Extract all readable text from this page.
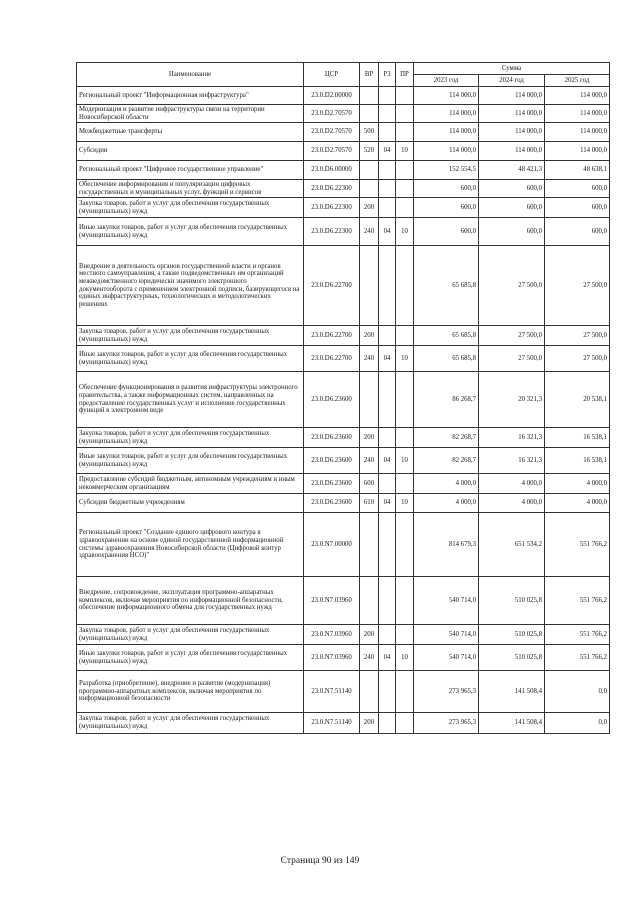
Наименование	ЦСР	ВР	РЗ	ПР	Сумма		
					2023 год	2024 год	2025 год
Региональный проект "Информационная инфраструктура"	23.0.D2.00000				114 000,0	114 000,0	114 000,0
Модернизация и развитие инфраструктуры связи на территории Новосибирской области	23.0.D2.70570				114 000,0	114 000,0	114 000,0
Межбюджетные трансферты	23.0.D2.70570	500			114 000,0	114 000,0	114 000,0
Субсидии	23.0.D2.70570	520	04	10	114 000,0	114 000,0	114 000,0
Региональный проект "Цифровое государственное управление"	23.0.D6.00000				152 554,5	48 421,3	48 638,1
Обеспечение информирования и популяризации цифровых государственных и муниципальных услуг, функций и сервисов	23.0.D6.22300				600,0	600,0	600,0
Закупка товаров, работ и услуг для обеспечения государственных (муниципальных) нужд	23.0.D6.22300	200			600,0	600,0	600,0
Иные закупки товаров, работ и услуг для обеспечения государственных (муниципальных) нужд	23.0.D6.22300	240	04	10	600,0	600,0	600,0
Внедрение в деятельность органов государственной власти и органов местного самоуправления, а также подведомственных им организаций межведомственного юридически значимого электронного документооборота с применением электронной подписи, базирующегося на единых инфраструктурных, технологических и методологических решениях	23.0.D6.22700				65 685,8	27 500,0	27 500,0
Закупка товаров, работ и услуг для обеспечения государственных (муниципальных) нужд	23.0.D6.22700	200			65 685,8	27 500,0	27 500,0
Иные закупки товаров, работ и услуг для обеспечения государственных (муниципальных) нужд	23.0.D6.22700	240	04	10	65 685,8	27 500,0	27 500,0
Обеспечение функционирования и развития инфраструктуры электронного правительства, а также информационных систем, направленных на предоставление государственных услуг и исполнение государственных функций в электронном виде	23.0.D6.23600				86 268,7	20 321,3	20 538,1
Закупка товаров, работ и услуг для обеспечения государственных (муниципальных) нужд	23.0.D6.23600	200			82 268,7	16 321,3	16 538,1
Иные закупки товаров, работ и услуг для обеспечения государственных (муниципальных) нужд	23.0.D6.23600	240	04	10	82 268,7	16 321,3	16 538,1
Предоставление субсидий бюджетным, автономным учреждениям и иным некоммерческим организациям	23.0.D6.23600	600			4 000,0	4 000,0	4 000,0
Субсидии бюджетным учреждениям	23.0.D6.23600	610	04	10	4 000,0	4 000,0	4 000,0
Региональный проект "Создание единого цифрового контура в здравоохранении на основе единой государственной информационной системы здравоохранения Новосибирской области (Цифровой контур здравоохранения НСО)"	23.0.N7.00000				814 679,3	651 534,2	551 766,2
Внедрение, сопровождение, эксплуатация программно-аппаратных комплексов, включая мероприятия по информационной безопасности, обеспечение информационного обмена для государственных нужд	23.0.N7.03960				540 714,0	510 025,8	551 766,2
Закупка товаров, работ и услуг для обеспечения государственных (муниципальных) нужд	23.0.N7.03960	200			540 714,0	510 025,8	551 766,2
Иные закупки товаров, работ и услуг для обеспечения государственных (муниципальных) нужд	23.0.N7.03960	240	04	10	540 714,0	510 025,8	551 766,2
Разработка (приобретение), внедрение и развитие (модернизация) программно-аппаратных комплексов, включая мероприятия по информационной безопасности	23.0.N7.51140				273 965,3	141 508,4	0,0
Закупка товаров, работ и услуг для обеспечения государственных (муниципальных) нужд	23.0.N7.51140	200			273 965,3	141 508,4	0,0
Страница 90 из 149
